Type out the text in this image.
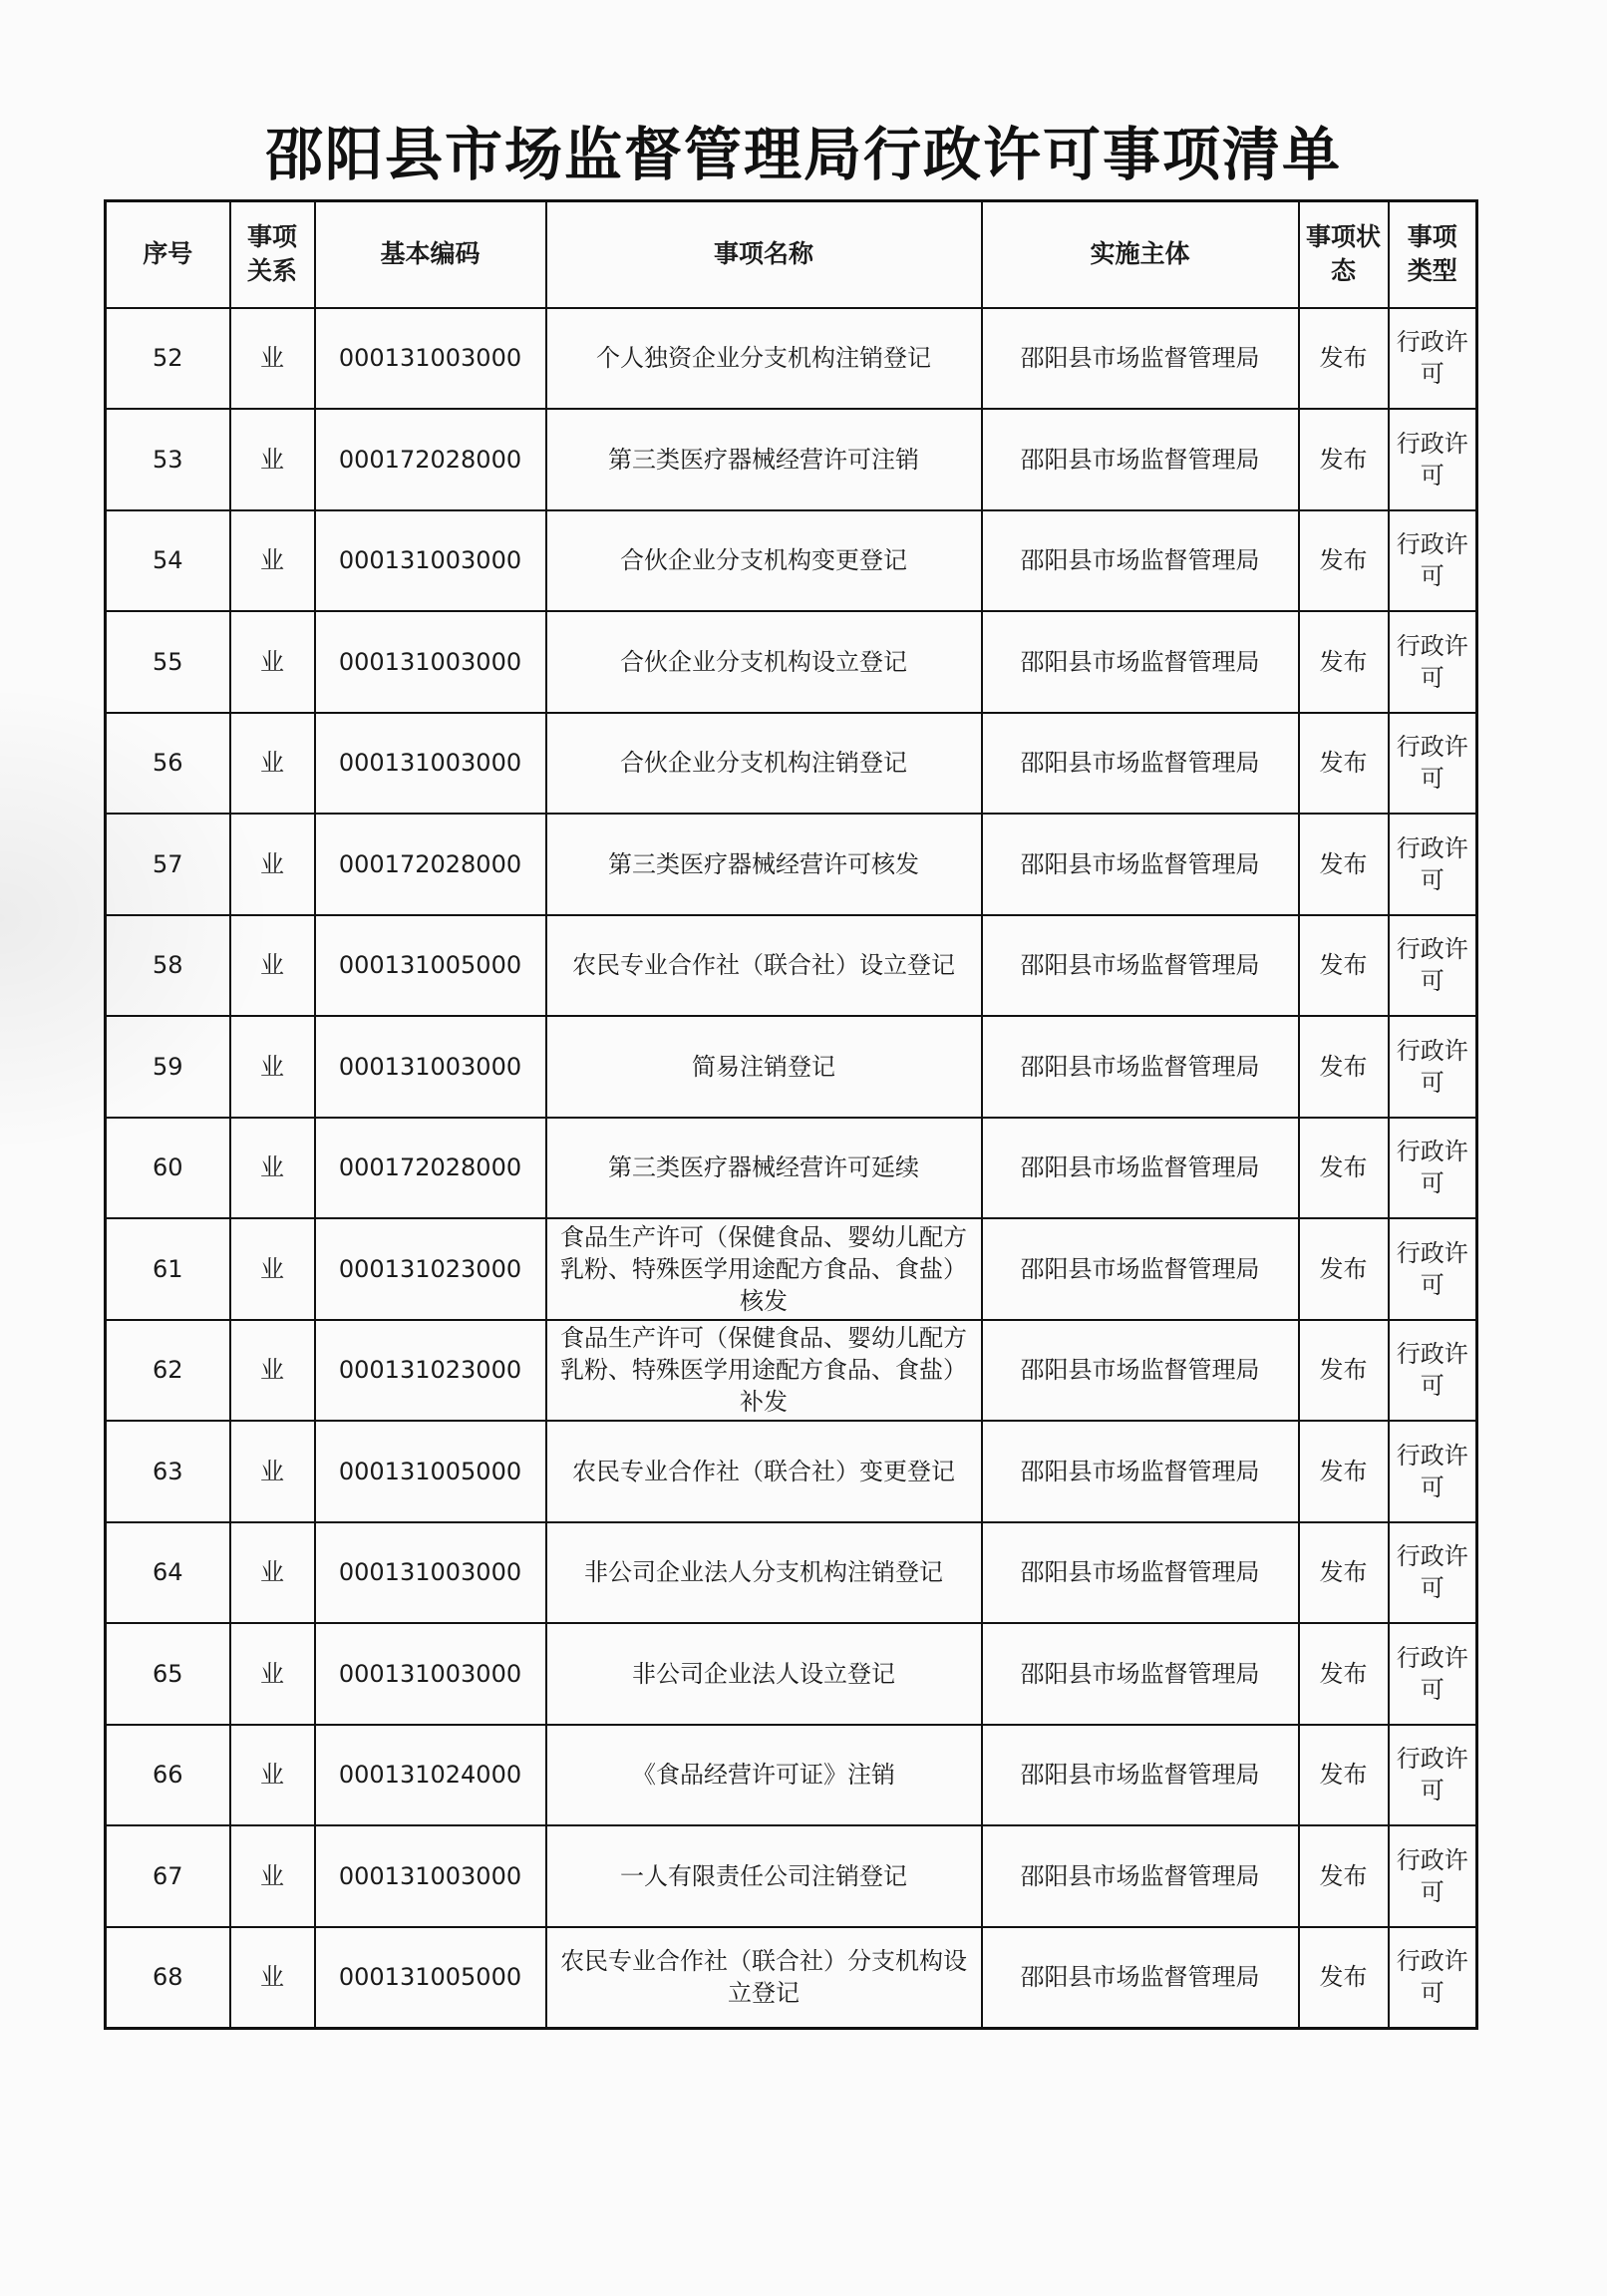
邵阳县市场监督管理局行政许可事项清单
序号	事项关系	基本编码	事项名称	实施主体	事项状态	事项类型
52	业	000131003000	个人独资企业分支机构注销登记	邵阳县市场监督管理局	发布	行政许可
53	业	000172028000	第三类医疗器械经营许可注销	邵阳县市场监督管理局	发布	行政许可
54	业	000131003000	合伙企业分支机构变更登记	邵阳县市场监督管理局	发布	行政许可
55	业	000131003000	合伙企业分支机构设立登记	邵阳县市场监督管理局	发布	行政许可
56	业	000131003000	合伙企业分支机构注销登记	邵阳县市场监督管理局	发布	行政许可
57	业	000172028000	第三类医疗器械经营许可核发	邵阳县市场监督管理局	发布	行政许可
58	业	000131005000	农民专业合作社（联合社）设立登记	邵阳县市场监督管理局	发布	行政许可
59	业	000131003000	简易注销登记	邵阳县市场监督管理局	发布	行政许可
60	业	000172028000	第三类医疗器械经营许可延续	邵阳县市场监督管理局	发布	行政许可
61	业	000131023000	食品生产许可（保健食品、婴幼儿配方乳粉、特殊医学用途配方食品、食盐）核发	邵阳县市场监督管理局	发布	行政许可
62	业	000131023000	食品生产许可（保健食品、婴幼儿配方乳粉、特殊医学用途配方食品、食盐）补发	邵阳县市场监督管理局	发布	行政许可
63	业	000131005000	农民专业合作社（联合社）变更登记	邵阳县市场监督管理局	发布	行政许可
64	业	000131003000	非公司企业法人分支机构注销登记	邵阳县市场监督管理局	发布	行政许可
65	业	000131003000	非公司企业法人设立登记	邵阳县市场监督管理局	发布	行政许可
66	业	000131024000	《食品经营许可证》注销	邵阳县市场监督管理局	发布	行政许可
67	业	000131003000	一人有限责任公司注销登记	邵阳县市场监督管理局	发布	行政许可
68	业	000131005000	农民专业合作社（联合社）分支机构设立登记	邵阳县市场监督管理局	发布	行政许可
